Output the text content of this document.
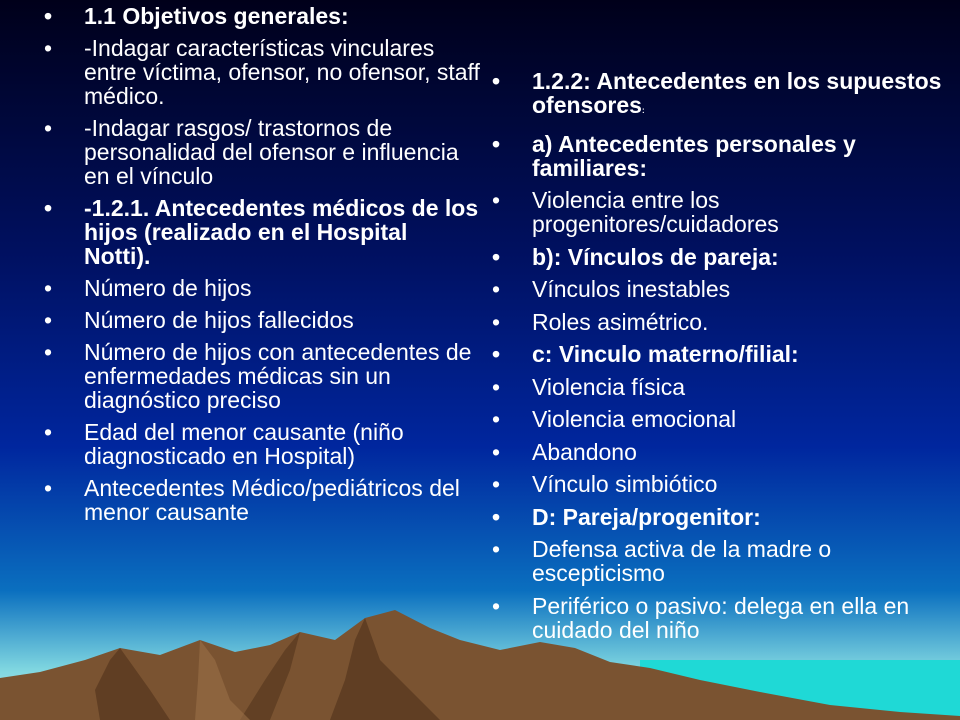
• 1.1 Objetivos generales:
• -Indagar características vinculares entre víctima, ofensor, no ofensor, staff médico.
• -Indagar rasgos/ trastornos de personalidad del ofensor e influencia en el vínculo
• -1.2.1. Antecedentes médicos de los hijos (realizado en el Hospital Notti).
• Número de hijos
• Número de hijos fallecidos
• Número de hijos con antecedentes de enfermedades médicas sin un diagnóstico preciso
• Edad del menor causante (niño diagnosticado en Hospital)
• Antecedentes Médico/pediátricos del menor causante
• 1.2.2: Antecedentes en los supuestos ofensores:
• a) Antecedentes personales y familiares:
• Violencia entre los progenitores/cuidadores
• b): Vínculos de pareja:
• Vínculos inestables
• Roles asimétrico.
• c: Vinculo materno/filial:
• Violencia física
• Violencia emocional
• Abandono
• Vínculo simbiótico
• D: Pareja/progenitor:
• Defensa activa de la madre o escepticismo
• Periférico o pasivo: delega en ella en cuidado del niño
